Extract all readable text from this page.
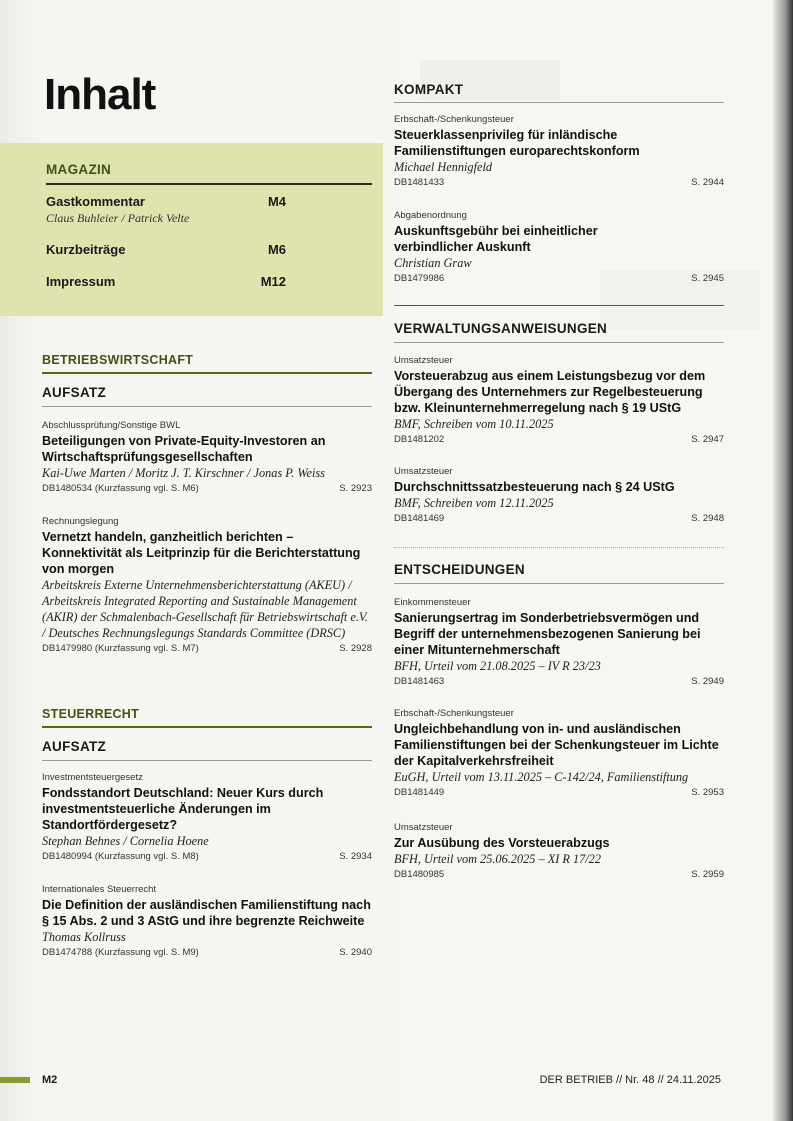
Inhalt
MAGAZIN
Gastkommentar	M4
Claus Buhleier / Patrick Velte
Kurzbeiträge	M6
Impressum	M12
BETRIEBSWIRTSCHAFT
AUFSATZ
Abschlussprüfung/Sonstige BWL
Beteiligungen von Private-Equity-Investoren an Wirtschaftsprüfungsgesellschaften
Kai-Uwe Marten / Moritz J. T. Kirschner / Jonas P. Weiss
DB1480534 (Kurzfassung vgl. S. M6)	S. 2923
Rechnungslegung
Vernetzt handeln, ganzheitlich berichten – Konnektivität als Leitprinzip für die Berichterstattung von morgen
Arbeitskreis Externe Unternehmensberichterstattung (AKEU) / Arbeitskreis Integrated Reporting and Sustainable Management (AKIR) der Schmalenbach-Gesellschaft für Betriebswirtschaft e.V. / Deutsches Rechnungslegungs Standards Committee (DRSC)
DB1479980 (Kurzfassung vgl. S. M7)	S. 2928
STEUERRECHT
AUFSATZ
Investmentsteuergesetz
Fondsstandort Deutschland: Neuer Kurs durch investmentsteuerliche Änderungen im Standortfördergesetz?
Stephan Behnes / Cornelia Hoene
DB1480994 (Kurzfassung vgl. S. M8)	S. 2934
Internationales Steuerrecht
Die Definition der ausländischen Familienstiftung nach § 15 Abs. 2 und 3 AStG und ihre begrenzte Reichweite
Thomas Kollruss
DB1474788 (Kurzfassung vgl. S. M9)	S. 2940
KOMPAKT
Erbschaft-/Schenkungsteuer
Steuerklassenprivileg für inländische Familienstiftungen europarechtskonform
Michael Hennigfeld
DB1481433	S. 2944
Abgabenordnung
Auskunftsgebühr bei einheitlicher verbindlicher Auskunft
Christian Graw
DB1479986	S. 2945
VERWALTUNGSANWEISUNGEN
Umsatzsteuer
Vorsteuerabzug aus einem Leistungsbezug vor dem Übergang des Unternehmers zur Regelbesteuerung bzw. Kleinunternehmerregelung nach § 19 UStG
BMF, Schreiben vom 10.11.2025
DB1481202	S. 2947
Umsatzsteuer
Durchschnittssatzbesteuerung nach § 24 UStG
BMF, Schreiben vom 12.11.2025
DB1481469	S. 2948
ENTSCHEIDUNGEN
Einkommensteuer
Sanierungsertrag im Sonderbetriebsvermögen und Begriff der unternehmensbezogenen Sanierung bei einer Mitunternehmerschaft
BFH, Urteil vom 21.08.2025 – IV R 23/23
DB1481463	S. 2949
Erbschaft-/Schenkungsteuer
Ungleichbehandlung von in- und ausländischen Familienstiftungen bei der Schenkungsteuer im Lichte der Kapitalverkehrsfreiheit
EuGH, Urteil vom 13.11.2025 – C-142/24, Familienstiftung
DB1481449	S. 2953
Umsatzsteuer
Zur Ausübung des Vorsteuerabzugs
BFH, Urteil vom 25.06.2025 – XI R 17/22
DB1480985	S. 2959
M2	DER BETRIEB // Nr. 48 // 24.11.2025
